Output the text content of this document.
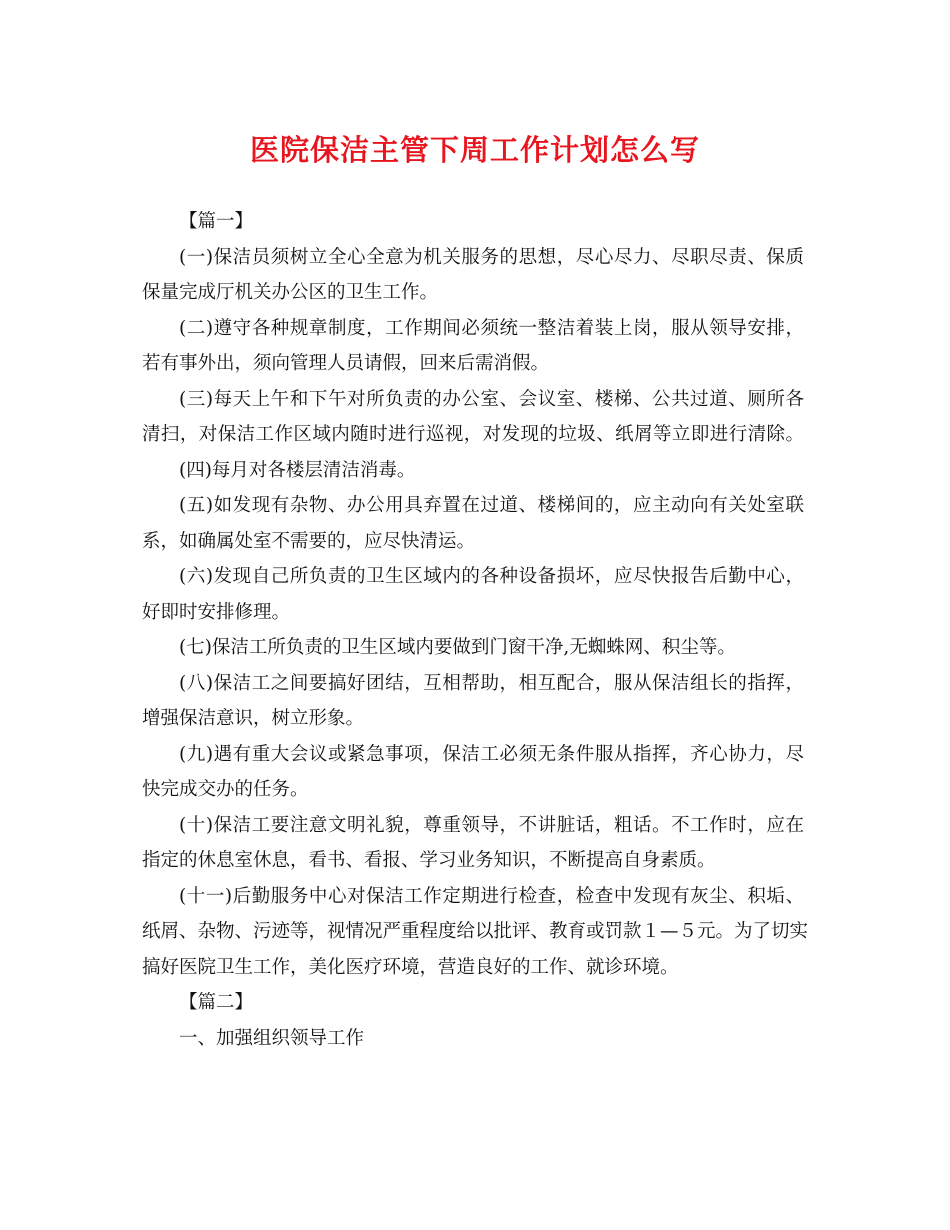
医院保洁主管下周工作计划怎么写
【篇一】
(一)保洁员须树立全心全意为机关服务的思想，尽心尽力、尽职尽责、保质
保量完成厅机关办公区的卫生工作。
(二)遵守各种规章制度，工作期间必须统一整洁着装上岗，服从领导安排，
若有事外出，须向管理人员请假，回来后需消假。
(三)每天上午和下午对所负责的办公室、会议室、楼梯、公共过道、厕所各
清扫，对保洁工作区域内随时进行巡视，对发现的垃圾、纸屑等立即进行清除。
(四)每月对各楼层清洁消毒。
(五)如发现有杂物、办公用具弃置在过道、楼梯间的，应主动向有关处室联
系，如确属处室不需要的，应尽快清运。
(六)发现自己所负责的卫生区域内的各种设备损坏，应尽快报告后勤中心，
好即时安排修理。
(七)保洁工所负责的卫生区域内要做到门窗干净,无蜘蛛网、积尘等。
(八)保洁工之间要搞好团结，互相帮助，相互配合，服从保洁组长的指挥，
增强保洁意识，树立形象。
(九)遇有重大会议或紧急事项，保洁工必须无条件服从指挥，齐心协力，尽
快完成交办的任务。
(十)保洁工要注意文明礼貌，尊重领导，不讲脏话，粗话。不工作时，应在
指定的休息室休息，看书、看报、学习业务知识，不断提高自身素质。
(十一)后勤服务中心对保洁工作定期进行检查，检查中发现有灰尘、积垢、
纸屑、杂物、污迹等，视情况严重程度给以批评、教育或罚款１—５元。为了切实
搞好医院卫生工作，美化医疗环境，营造良好的工作、就诊环境。
【篇二】
一、加强组织领导工作
